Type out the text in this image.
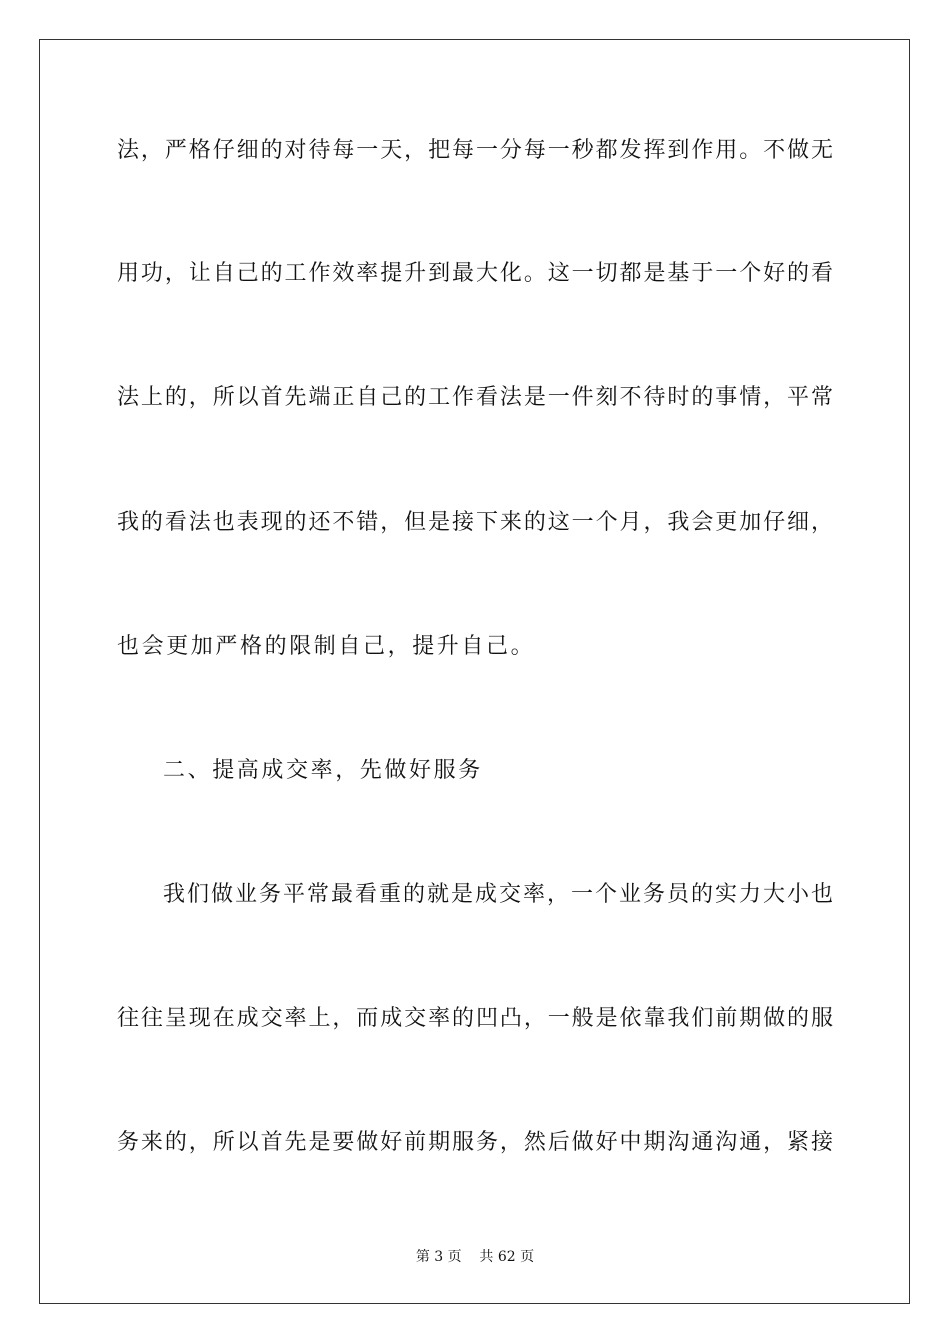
法，严格仔细的对待每一天，把每一分每一秒都发挥到作用。不做无
用功，让自己的工作效率提升到最大化。这一切都是基于一个好的看
法上的，所以首先端正自己的工作看法是一件刻不待时的事情，平常
我的看法也表现的还不错，但是接下来的这一个月，我会更加仔细，
也会更加严格的限制自己，提升自己。
二、提高成交率，先做好服务
我们做业务平常最看重的就是成交率，一个业务员的实力大小也
往往呈现在成交率上，而成交率的凹凸，一般是依靠我们前期做的服
务来的，所以首先是要做好前期服务，然后做好中期沟通沟通，紧接
第 3 页    共 62 页
